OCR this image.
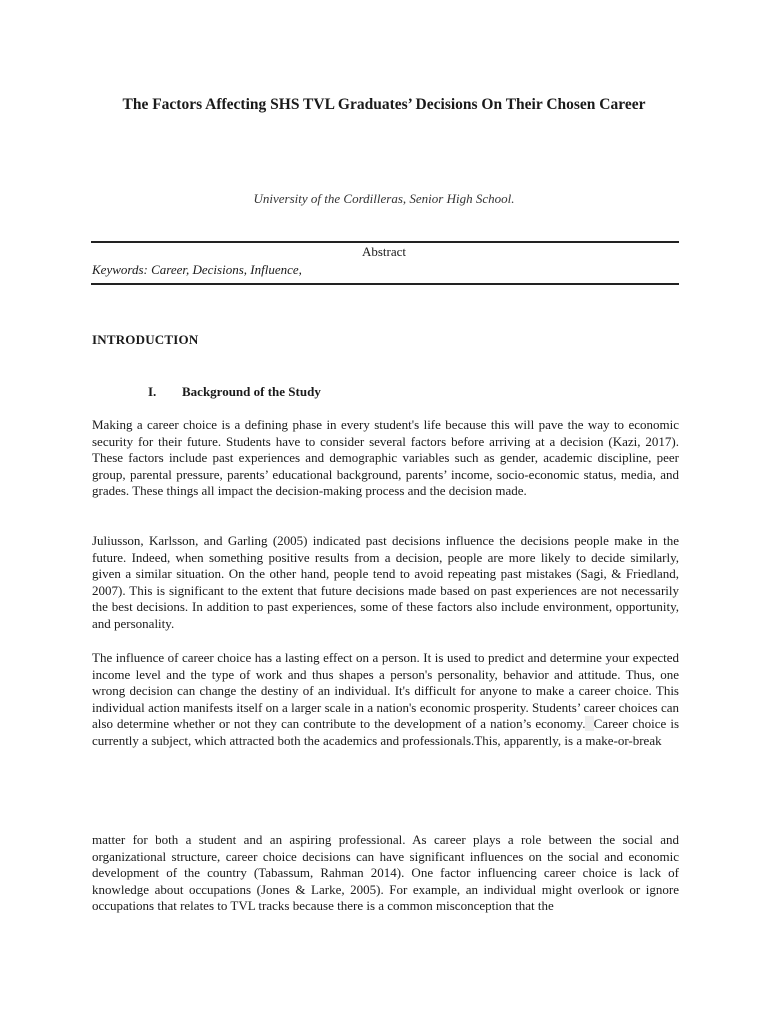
The Factors Affecting SHS TVL Graduates’ Decisions On Their Chosen Career
University of the Cordilleras, Senior High School.
Abstract
Keywords: Career, Decisions, Influence,
INTRODUCTION
I. Background of the Study

Making a career choice is a defining phase in every student's life because this will pave the way to economic security for their future. Students have to consider several factors before arriving at a decision (Kazi, 2017). These factors include past experiences and demographic variables such as gender, academic discipline, peer group, parental pressure, parents’ educational background, parents’ income, socio-economic status, media, and grades. These things all impact the decision-making process and the decision made.

Juliusson, Karlsson, and Garling (2005) indicated past decisions influence the decisions people make in the future. Indeed, when something positive results from a decision, people are more likely to decide similarly, given a similar situation. On the other hand, people tend to avoid repeating past mistakes (Sagi, & Friedland, 2007). This is significant to the extent that future decisions made based on past experiences are not necessarily the best decisions. In addition to past experiences, some of these factors also include environment, opportunity, and personality.

The influence of career choice has a lasting effect on a person. It is used to predict and determine your expected income level and the type of work and thus shapes a person's personality, behavior and attitude. Thus, one wrong decision can change the destiny of an individual. It's difficult for anyone to make a career choice. This individual action manifests itself on a larger scale in a nation's economic prosperity. Students’ career choices can also determine whether or not they can contribute to the development of a nation’s economy. Career choice is currently a subject, which attracted both the academics and professionals.This, apparently, is a make-or-break

matter for both a student and an aspiring professional. As career plays a role between the social and organizational structure, career choice decisions can have significant influences on the social and economic development of the country (Tabassum, Rahman 2014). One factor influencing career choice is lack of knowledge about occupations (Jones & Larke, 2005). For example, an individual might overlook or ignore occupations that relates to TVL tracks because there is a common misconception that the
